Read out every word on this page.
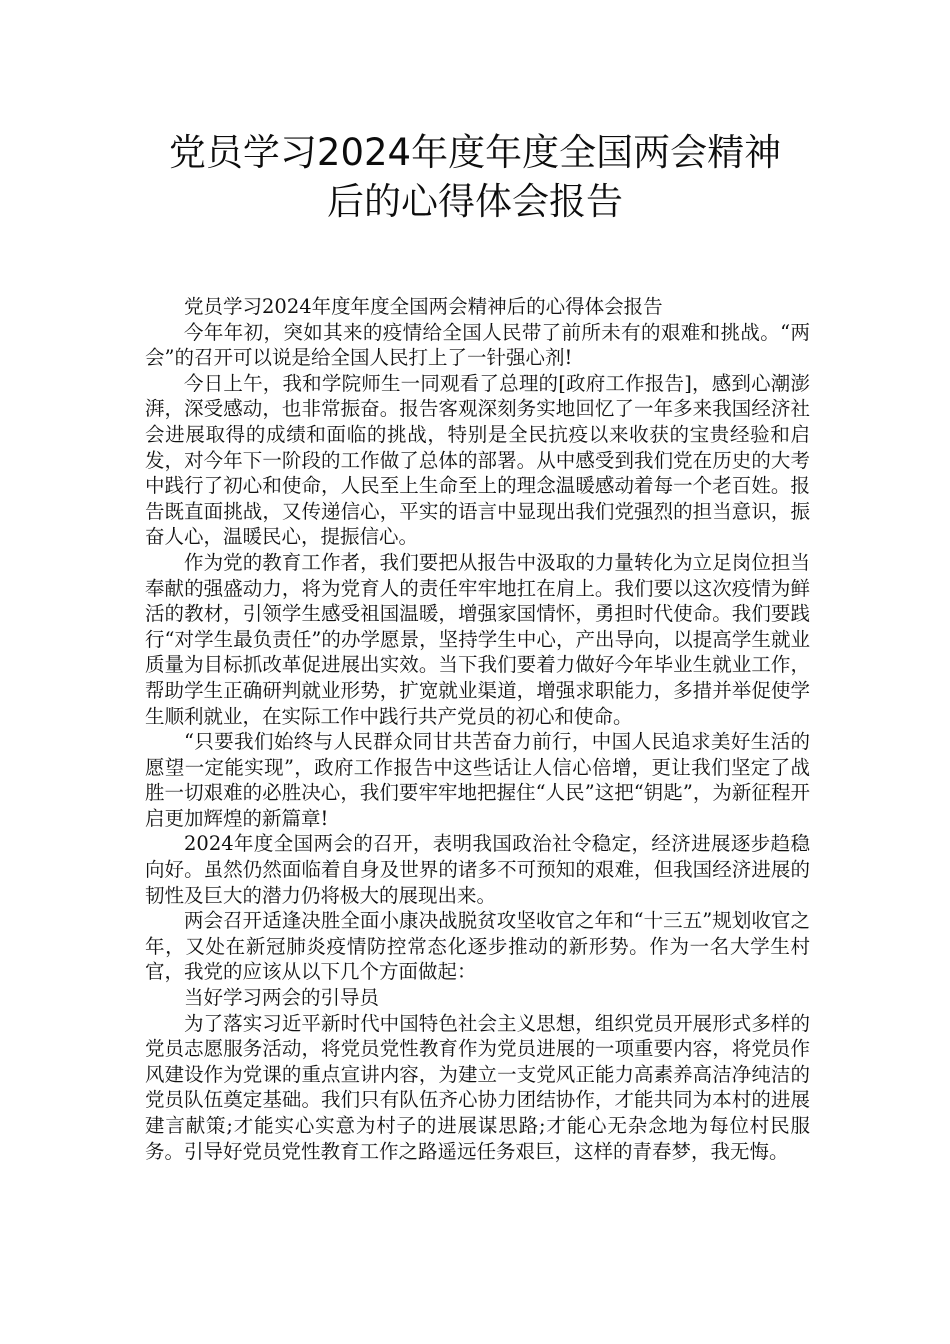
党员学习2024年度年度全国两会精神
后的心得体会报告

党员学习2024年度年度全国两会精神后的心得体会报告

今年年初，突如其来的疫情给全国人民带了前所未有的艰难和挑战。“两会”的召开可以说是给全国人民打上了一针强心剂!

今日上午，我和学院师生一同观看了总理的[政府工作报告]，感到心潮澎湃，深受感动，也非常振奋。报告客观深刻务实地回忆了一年多来我国经济社会进展取得的成绩和面临的挑战，特别是全民抗疫以来收获的宝贵经验和启发，对今年下一阶段的工作做了总体的部署。从中感受到我们党在历史的大考中践行了初心和使命，人民至上生命至上的理念温暖感动着每一个老百姓。报告既直面挑战，又传递信心，平实的语言中显现出我们党强烈的担当意识，振奋人心，温暖民心，提振信心。

作为党的教育工作者，我们要把从报告中汲取的力量转化为立足岗位担当奉献的强盛动力，将为党育人的责任牢牢地扛在肩上。我们要以这次疫情为鲜活的教材，引领学生感受祖国温暖，增强家国情怀，勇担时代使命。我们要践行“对学生最负责任”的办学愿景，坚持学生中心，产出导向，以提高学生就业质量为目标抓改革促进展出实效。当下我们要着力做好今年毕业生就业工作，帮助学生正确研判就业形势，扩宽就业渠道，增强求职能力，多措并举促使学生顺利就业，在实际工作中践行共产党员的初心和使命。

“只要我们始终与人民群众同甘共苦奋力前行，中国人民追求美好生活的愿望一定能实现”，政府工作报告中这些话让人信心倍增，更让我们坚定了战胜一切艰难的必胜决心，我们要牢牢地把握住“人民”这把“钥匙”，为新征程开启更加辉煌的新篇章!

2024年度全国两会的召开，表明我国政治社令稳定，经济进展逐步趋稳向好。虽然仍然面临着自身及世界的诸多不可预知的艰难，但我国经济进展的韧性及巨大的潜力仍将极大的展现出来。

两会召开适逢决胜全面小康决战脱贫攻坚收官之年和“十三五”规划收官之年，又处在新冠肺炎疫情防控常态化逐步推动的新形势。作为一名大学生村官，我党的应该从以下几个方面做起：

当好学习两会的引导员

为了落实习近平新时代中国特色社会主义思想，组织党员开展形式多样的党员志愿服务活动，将党员党性教育作为党员进展的一项重要内容，将党员作风建设作为党课的重点宣讲内容，为建立一支党风正能力高素养高洁净纯洁的党员队伍奠定基础。我们只有队伍齐心协力团结协作，才能共同为本村的进展建言献策;才能实心实意为村子的进展谋思路;才能心无杂念地为每位村民服务。引导好党员党性教育工作之路遥远任务艰巨，这样的青春梦，我无悔。
